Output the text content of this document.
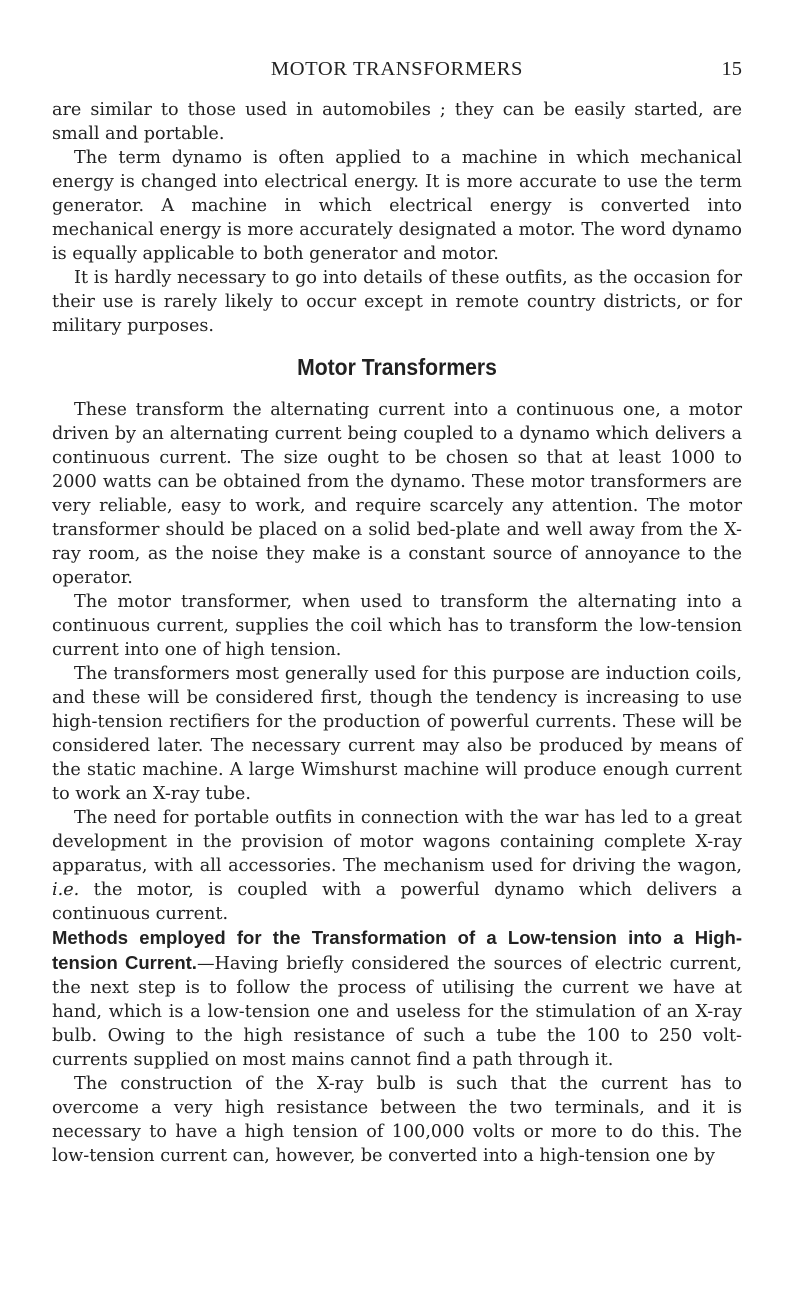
MOTOR TRANSFORMERS	15

are similar to those used in automobiles ; they can be easily started, are small and portable.

The term dynamo is often applied to a machine in which mechanical energy is changed into electrical energy. It is more accurate to use the term generator. A machine in which electrical energy is converted into mechanical energy is more accurately designated a motor. The word dynamo is equally applicable to both generator and motor.

It is hardly necessary to go into details of these outfits, as the occasion for their use is rarely likely to occur except in remote country districts, or for military purposes.

Motor Transformers

These transform the alternating current into a continuous one, a motor driven by an alternating current being coupled to a dynamo which delivers a continuous current. The size ought to be chosen so that at least 1000 to 2000 watts can be obtained from the dynamo. These motor transformers are very reliable, easy to work, and require scarcely any attention. The motor transformer should be placed on a solid bed-plate and well away from the X-ray room, as the noise they make is a constant source of annoyance to the operator.

The motor transformer, when used to transform the alternating into a continuous current, supplies the coil which has to transform the low-tension current into one of high tension.

The transformers most generally used for this purpose are induction coils, and these will be considered first, though the tendency is increasing to use high-tension rectifiers for the production of powerful currents. These will be considered later. The necessary current may also be produced by means of the static machine. A large Wimshurst machine will produce enough current to work an X-ray tube.

The need for portable outfits in connection with the war has led to a great development in the provision of motor wagons containing complete X-ray apparatus, with all accessories. The mechanism used for driving the wagon, i.e. the motor, is coupled with a powerful dynamo which delivers a continuous current.

Methods employed for the Transformation of a Low-tension into a High-tension Current.—Having briefly considered the sources of electric current, the next step is to follow the process of utilising the current we have at hand, which is a low-tension one and useless for the stimulation of an X-ray bulb. Owing to the high resistance of such a tube the 100 to 250 volt-currents supplied on most mains cannot find a path through it.

The construction of the X-ray bulb is such that the current has to overcome a very high resistance between the two terminals, and it is necessary to have a high tension of 100,000 volts or more to do this. The low-tension current can, however, be converted into a high-tension one by
